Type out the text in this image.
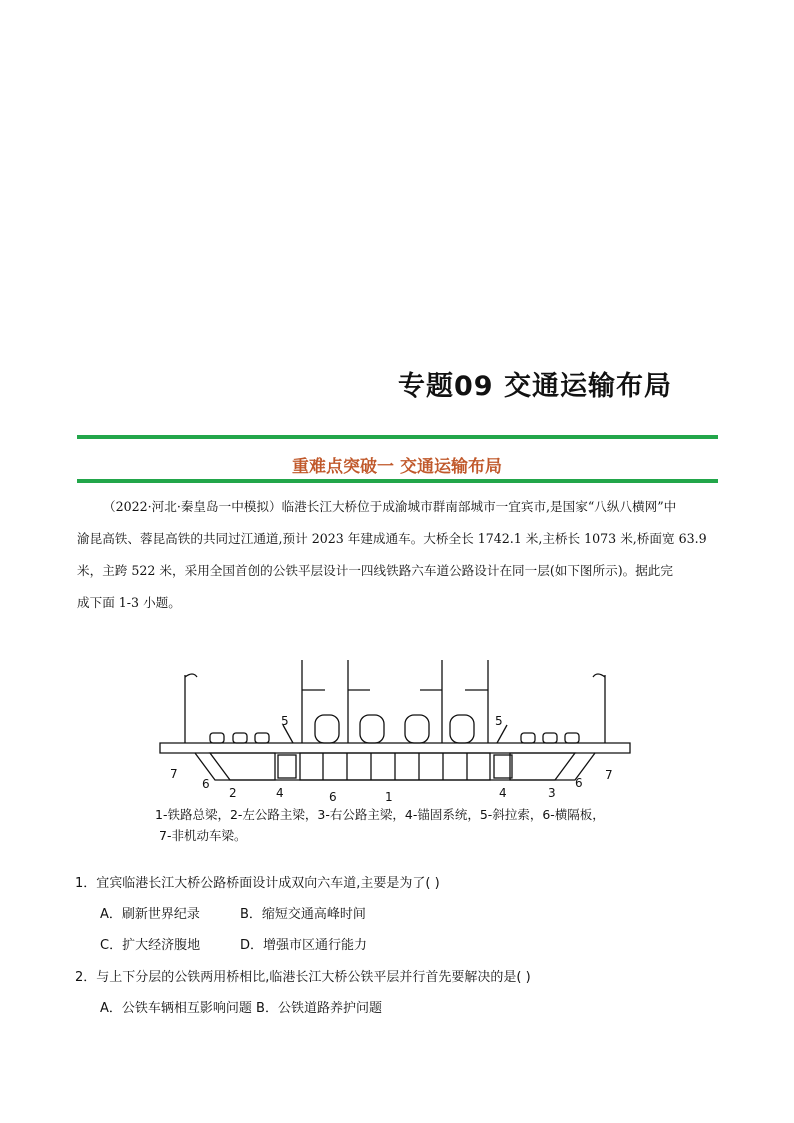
专题09 交通运输布局
重难点突破一 交通运输布局
（2022·河北·秦皇岛一中模拟）临港长江大桥位于成渝城市群南部城市一宜宾市,是国家“八纵八横网”中
渝昆高铁、蓉昆高铁的共同过江通道,预计 2023 年建成通车。大桥全长 1742.1 米,主桥长 1073 米,桥面宽 63.9
米，主跨 522 米，采用全国首创的公铁平层设计一四线铁路六车道公路设计在同一层(如下图所示)。据此完
成下面 1-3 小题。
7
6
2	4	6	1	4	3
6
7
5	5
1-铁路总梁，2-左公路主梁，3-右公路主梁，4-锚固系统，5-斜拉索，6-横隔板，
7-非机动车梁。
1．宜宾临港长江大桥公路桥面设计成双向六车道,主要是为了( )
A．刷新世界纪录	B．缩短交通高峰时间
C．扩大经济腹地	D．增强市区通行能力
2．与上下分层的公铁两用桥相比,临港长江大桥公铁平层并行首先要解决的是( )
A．公铁车辆相互影响问题 B．公铁道路养护问题
